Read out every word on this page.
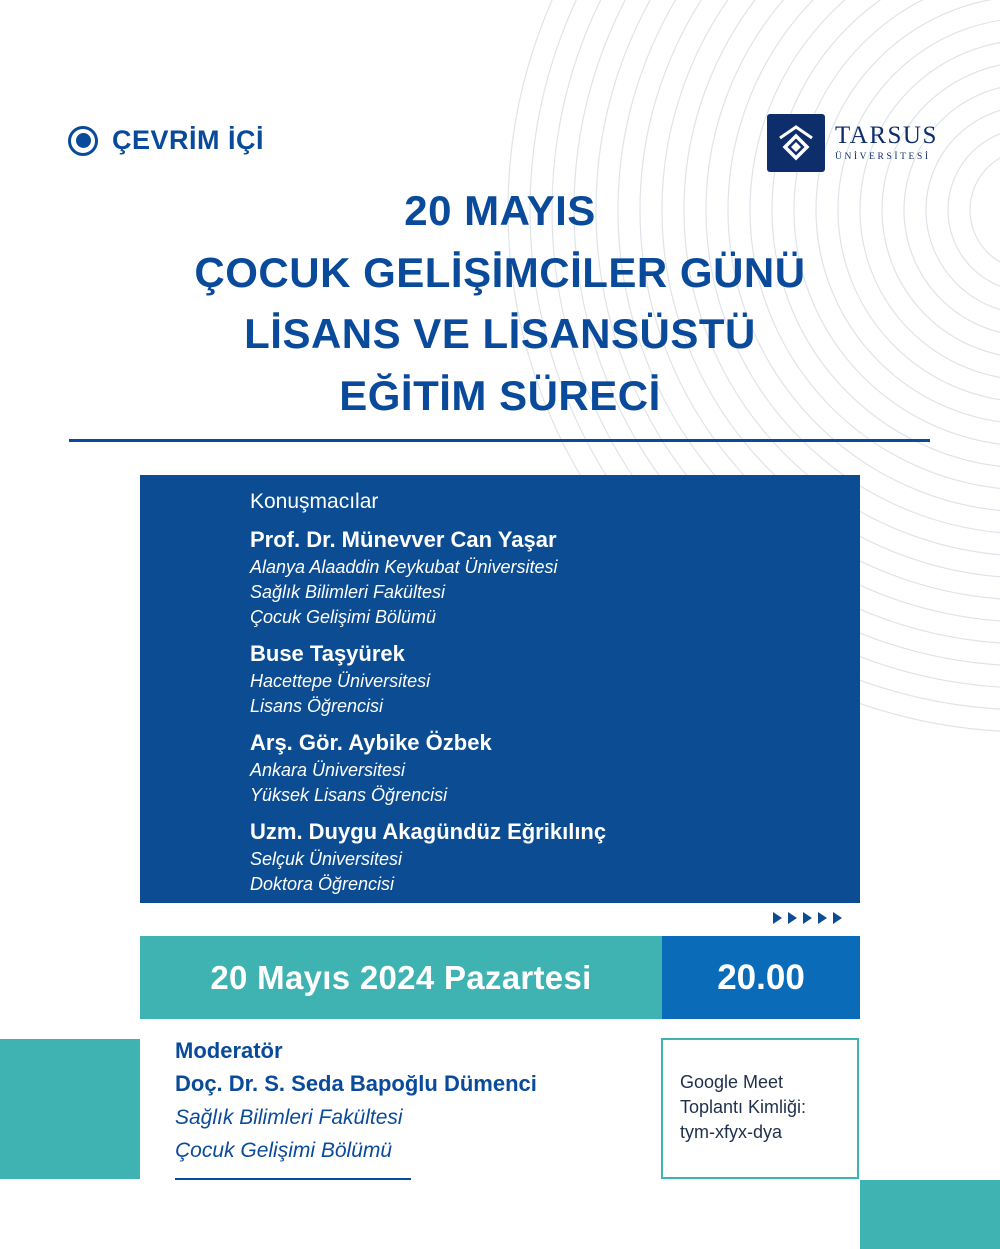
ÇEVRİM İÇİ	TARSUS
ÜNİVERSİTESİ
20 MAYIS
ÇOCUK GELİŞİMCİLER GÜNÜ
LİSANS VE LİSANSÜSTÜ
EĞİTİM SÜRECİ
Konuşmacılar
Prof. Dr. Münevver Can Yaşar
Alanya Alaaddin Keykubat Üniversitesi
Sağlık Bilimleri Fakültesi
Çocuk Gelişimi Bölümü
Buse Taşyürek
Hacettepe Üniversitesi
Lisans Öğrencisi
Arş. Gör. Aybike Özbek
Ankara Üniversitesi
Yüksek Lisans Öğrencisi
Uzm. Duygu Akagündüz Eğrikılınç
Selçuk Üniversitesi
Doktora Öğrencisi
20 Mayıs 2024 Pazartesi	20.00
Moderatör
Doç. Dr. S. Seda Bapoğlu Dümenci
Sağlık Bilimleri Fakültesi
Çocuk Gelişimi Bölümü
Google Meet
Toplantı Kimliği:
tym-xfyx-dya
